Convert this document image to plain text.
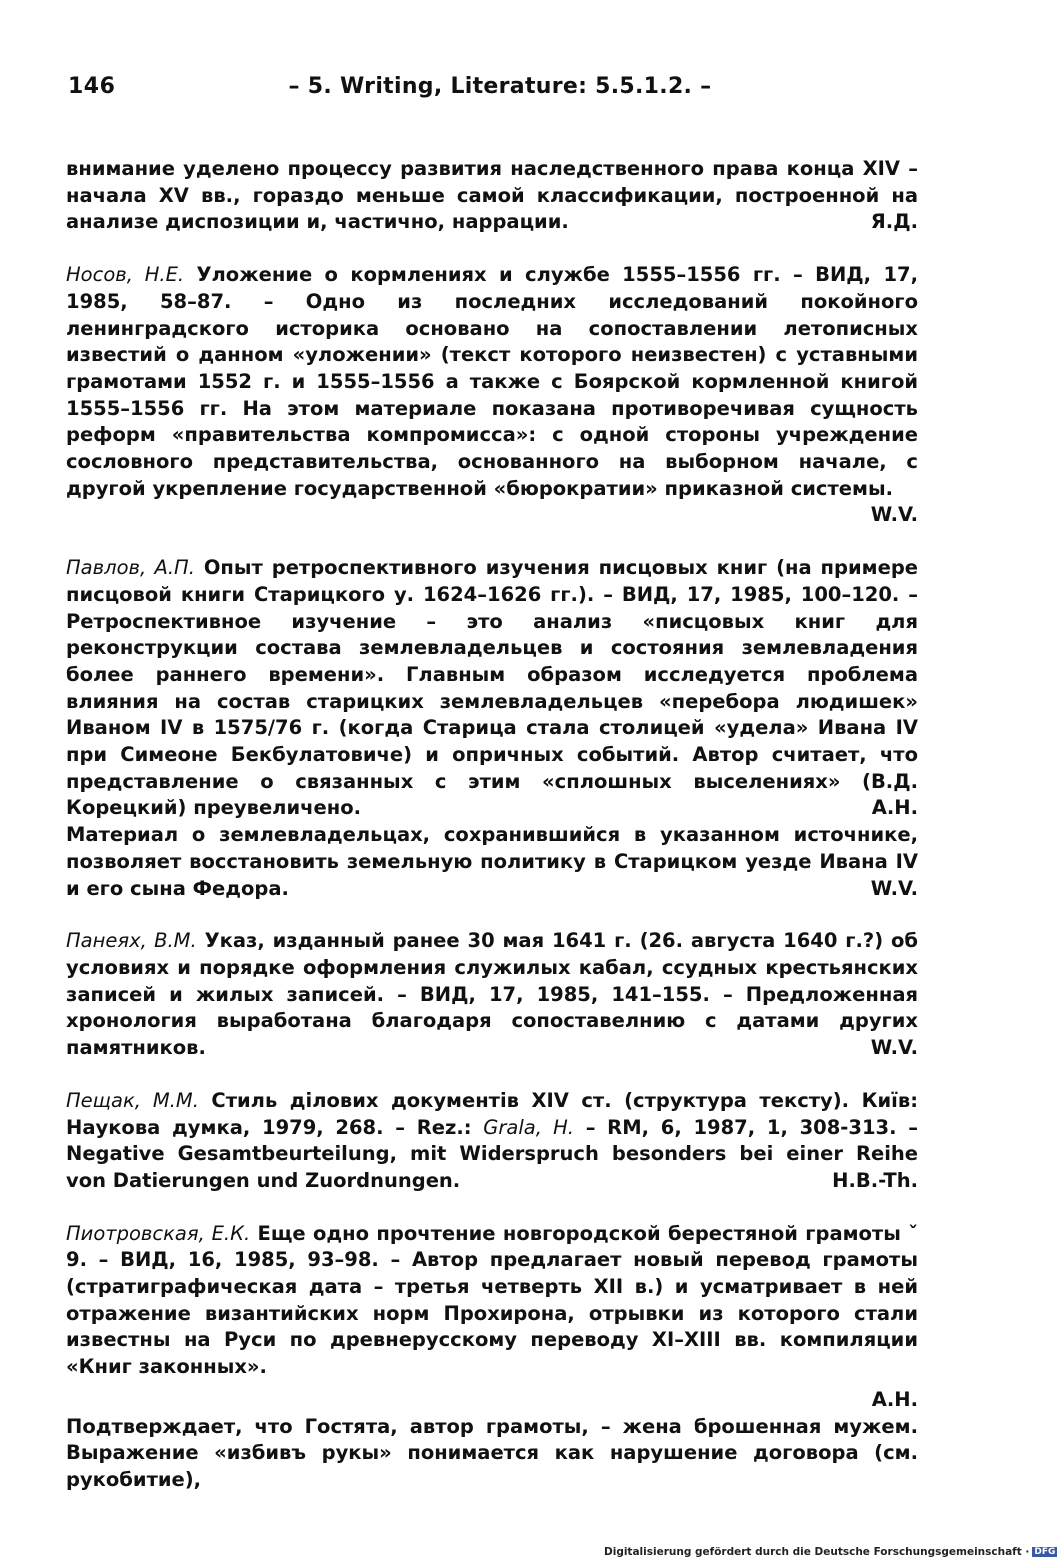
146	– 5. Writing, Literature: 5.5.1.2. –

внимание уделено процессу развития наследственного права конца XIV – начала XV вв., гораздо меньше самой классификации, построенной на анализе диспозиции и, частично, наррации.	Я.Д.

Носов, Н.Е. Уложение о кормлениях и службе 1555–1556 гг. – ВИД, 17, 1985, 58–87. – Одно из последних исследований покойного ленинградского историка основано на сопоставлении летописных известий о данном «уложении» (текст которого неизвестен) с уставными грамотами 1552 г. и 1555–1556 а также с Боярской кормленной книгой 1555–1556 гг. На этом материале показана противоречивая сущность реформ «правительства компромисса»: с одной стороны учреждение сословного представительства, основанного на выборном начале, с другой укрепление государственной «бюрократии» приказной системы.
W.V.

Павлов, А.П. Опыт ретроспективного изучения писцовых книг (на примере писцовой книги Старицкого у. 1624–1626 гг.). – ВИД, 17, 1985, 100–120. – Ретроспективное изучение – это анализ «писцовых книг для реконструкции состава землевладельцев и состояния землевладения более раннего времени». Главным образом исследуется проблема влияния на состав старицких землевладельцев «перебора людишек» Иваном IV в 1575/76 г. (когда Старица стала столицей «удела» Ивана IV при Симеоне Бекбулатовиче) и опричных событий. Автор считает, что представление о связанных с этим «сплошных выселениях» (В.Д. Корецкий) преувеличено.	А.Н.

Материал о землевладельцах, сохранившийся в указанном источнике, позволяет восстановить земельную политику в Старицком уезде Ивана IV и его сына Федора.	W.V.

Панеях, В.М. Указ, изданный ранее 30 мая 1641 г. (26. августа 1640 г.?) об условиях и порядке оформления служилых кабал, ссудных крестьянских записей и жилых записей. – ВИД, 17, 1985, 141–155. – Предложенная хронология выработана благодаря сопоставелнию с датами других памятников.	W.V.

Пещак, М.М. Стиль ділових документів XIV ст. (структура тексту). Київ: Наукова думка, 1979, 268. – Rez.: Grala, H. – RM, 6, 1987, 1, 308-313. – Negative Gesamtbeurteilung, mit Widerspruch besonders bei einer Reihe von Datierungen und Zuordnungen.	H.B.-Th.

Пиотровская, Е.К. Еще одно прочтение новгородской берестяной грамоты ˇ 9. – ВИД, 16, 1985, 93–98. – Автор предлагает новый перевод грамоты (стратиграфическая дата – третья четверть XII в.) и усматривает в ней отражение византийских норм Прохирона, отрывки из которого стали известны на Руси по древнерусскому переводу XI–XIII вв. компиляции «Книг законных».

А.Н.

Подтверждает, что Гостята, автор грамоты, – жена брошенная мужем. Выражение «избивъ рукы» понимается как нарушение договора (см. рукобитие),

Digitalisierung gefördert durch die Deutsche Forschungsgemeinschaft · DFG
